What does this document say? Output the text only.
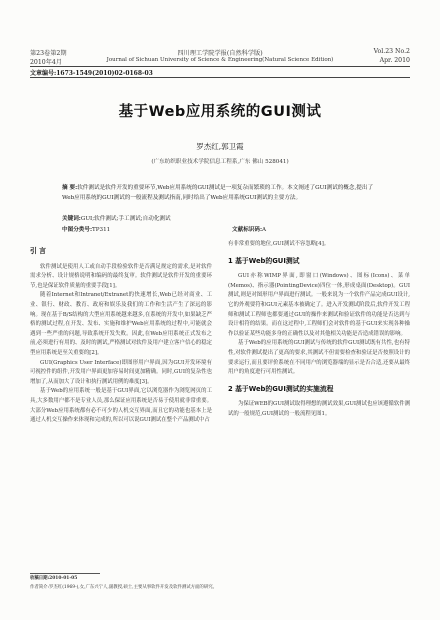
第23卷第2期	四川理工学院学报(自然科学版)	Vol.23 No.2
2010年4月	Journal of Sichuan University of Science & Engineering(Natural Science Edition)	Apr. 2010
文章编号:1673-1549(2010)02-0168-03
基于Web应用系统的GUI测试
罗杰红,郭卫霞
(广东纺织职业技术学院信息工程系,广东 佛山 528041)
摘 要:软件测试是软件开发的重要环节,Web应用系统的GUI测试是一项复杂而繁琐的工作。本文阐述了GUI测试的概念,提出了Web应用系统的GUI测试的一般流程及测试指南,同时给出了Web应用系统GUI测试的主要方法。
关键词:GUI;软件测试;手工测试;自动化测试
中图分类号:TP311	文献标识码:A
引 言

软件测试是使用人工或自动手段检验软件是否满足规定的需求,是对软件需求分析、设计规格说明和编码的最终复审。软件测试是软件开发的重要环节,也是保证软件质量的重要手段[1]。

随着Internet和Intranet/Extranet的快速增长,Web已经对商业、工业、银行、财政、教育、政府和娱乐及我们的工作和生活产生了深远的影响。现在基于B/S结构的大型应用系统越来越多,在系统的开发中,如果缺乏严格的测试过程,在开发、发布、实施和维护Web应用系统的过程中,可能就会遇到一些严重的问题,导致系统开发失败。因此,在Web应用系统正式发布之前,必须进行有用的、及时的测试,严格测试对软件及用户建立客户信心的稳定型应用系统是至关重要的[2]。

GUI(Graphics User Interface)即图形用户界面,因为GUI开发环境有可视控件的组件,开发用户界面更加容易时间更加精确。同时,GUI的复杂性也增加了,从而加大了设计和执行测试用例的难度[3]。

基于Web的应用系统一般是基于GUI界面,它以浏览器作为浏览网页的工具,大多数用户都不是专业人员,那么保证应用系统是否易于使用就非常重要。大部分Web应用系统都有必不可少的人机交互界面,而且它的功能也基本上是通过人机交互操作来体现和完成的,所以可以说GUI测试在整个产品测试中占

有非常重要的地位,GUI测试不容忽略[4]。

1 基于Web的GUI测试

GUI亦称WIMP界面,即窗口(Windows)、图标(Icons)、菜单(Memos)、指示器(PointingDevice)四位一体,形成桌面(Desktop)。GUI测试,则是对图形用户界面进行测试。一般来说为一个软件产品完成GUI设计,它的外观要符和GUI元素基本被确定了。进入开发测试阶段后,软件开发工程师和测试工程师也都要通过GUI的操作来测试和验证软件的功能是否达到与设计相符的结果。而在这过程中,工程师们会对软件的基于GUI来实现各种操作以验证某些功能多身的正确性以及对其他相关功能是否造成错误的影响。

基于Web的应用系统的GUI测试与传统的软件GUI测试既有共性,也有特性,对软件测试提出了更高的要求,其测试不但需要检查和验证是否按照设计的要求运行,而且要评价系统在不同用户的浏览器端的显示是否合适,还要从最终用户的角度进行可用性测试。

2 基于Web的GUI测试的实施流程

为保证WEB的GUI测试取得理想的测试效果,GUI测试也应该遵循软件测试的一般规范,GUI测试的一般流程见图1。

收稿日期:2010-01-05
作者简介:罗杰红(1969-),女,广东兴宁人,副教授,硕士,主要从事软件开发及软件测试方面的研究。
